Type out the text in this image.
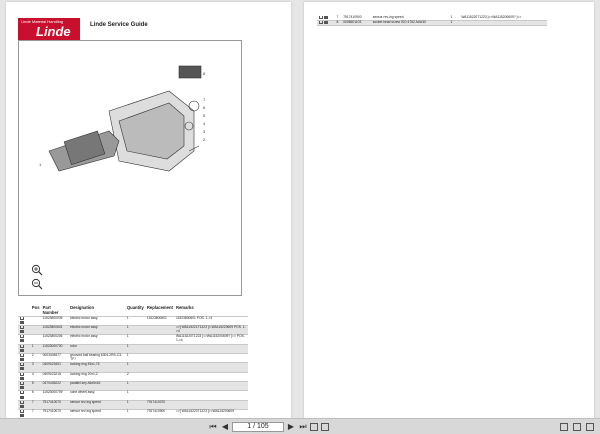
Linde Material Handling
Linde	Linde Service Guide
8
7
6
5
4
3
2
1
	Pos	Part Number	Designation	Quantity	Replacement	Remarks
		11523800035	electric motor assy.	1	11523800601	11523800601 POS. 1->4
		11523800601	electric motor assy.	1		=>[ WA115221T1223 ]<:WA115220609 POS. 1->4
		11523800206	electric motor assy.	1		WA115220T1223 ]=>WA115200609? ]=> POS. 1->4
	1	11523000700	rotor	1		
	2	0003408477	grooved ball bearing 6304-2RS-C3-TF?	1		
	3	0409023491	locking ring 45x1,75	1		
	4	0409023215	locking ring 20x1,2	2		
	5	0470435222	parallel key A6x5x16	1		
	6	11523000709	cone wheel assy.	1		
	7	7917410070	sensor rev-ing speed	1	7917410070	
	7	7917410070	sensor rev-ing speed	1	7917410900	=>[ WA115220T1223 ]=>WA115200609
	7	7917410900	sensor rev-ing speed	1		WA115220T1223 ]=>WA115200609? ]=>
	8	0006601103	socket head screw ISO 4762-M4x30	1		
⏮ ◀	1 / 105	▶ ⏭
